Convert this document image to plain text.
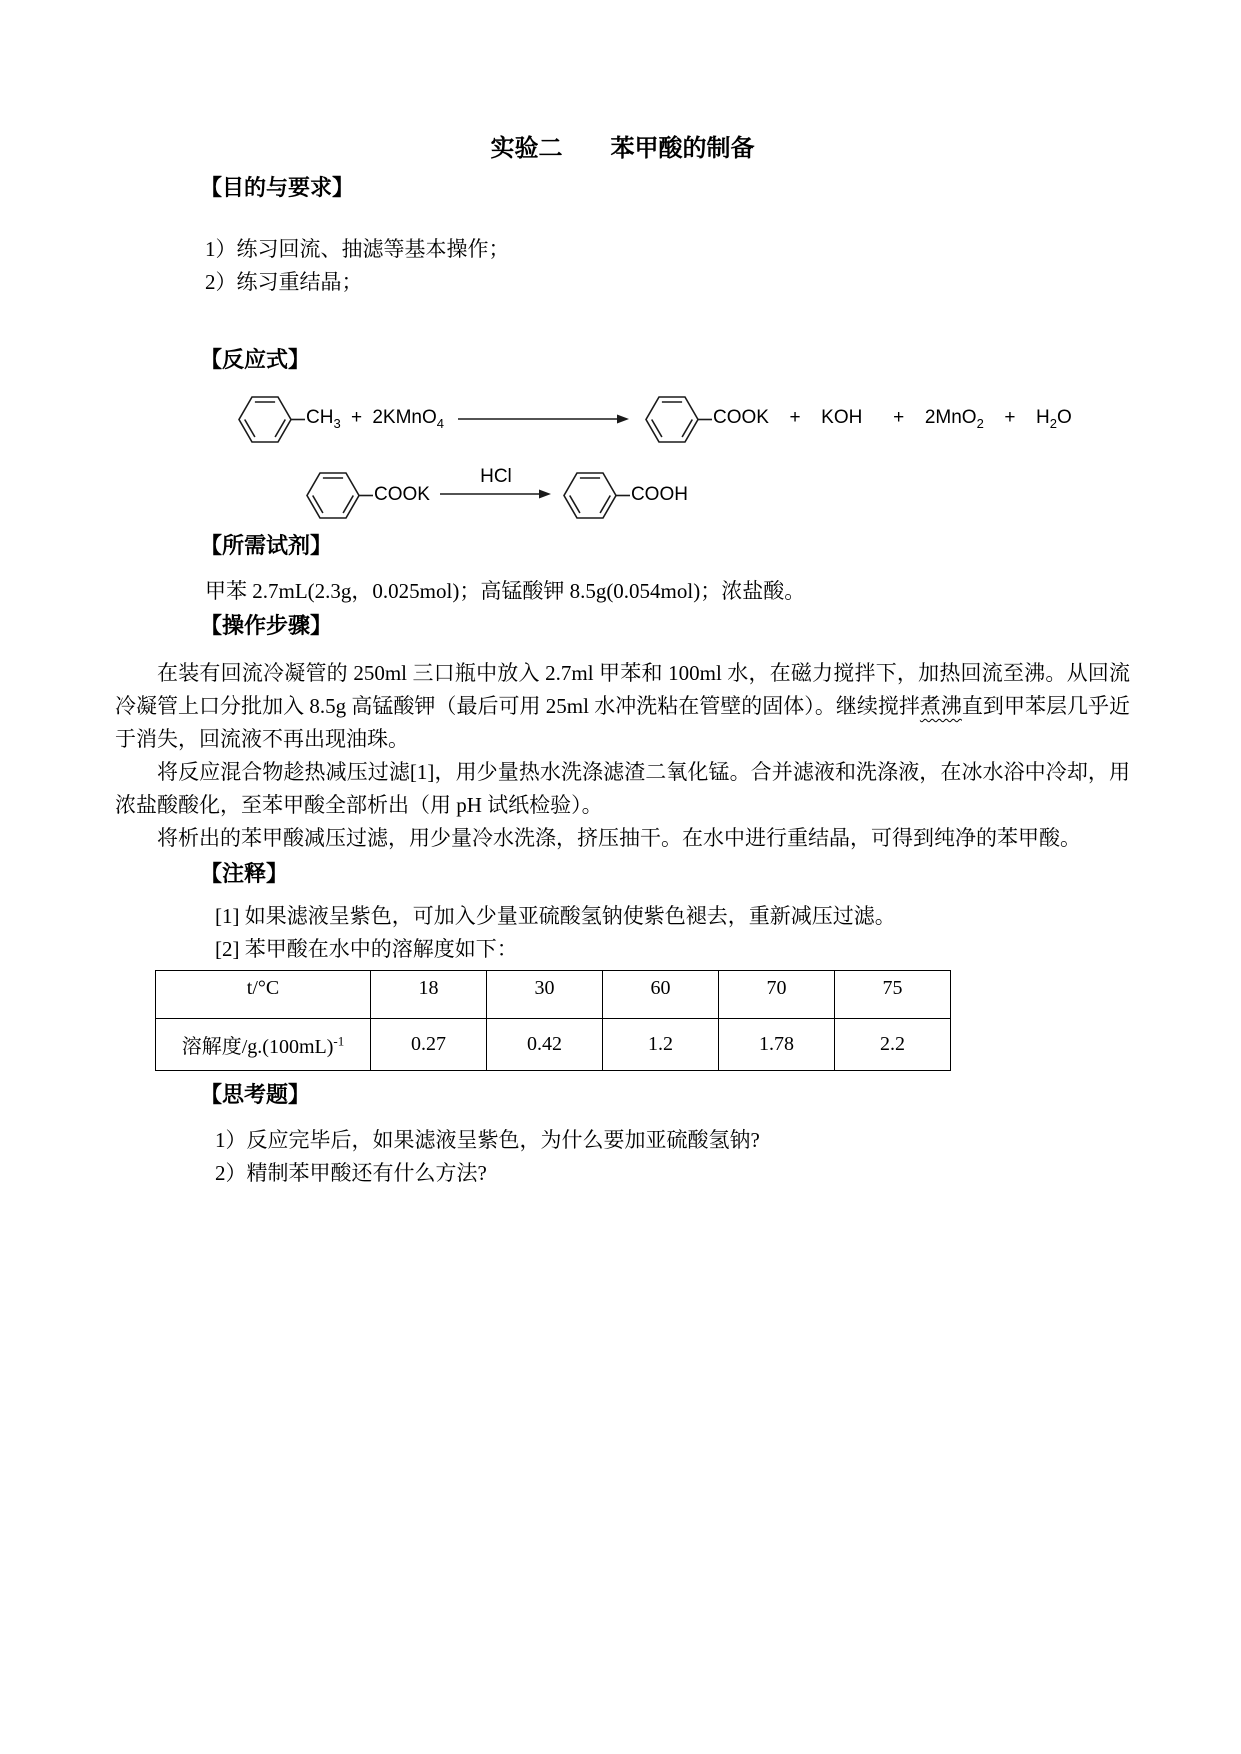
实验二　　苯甲酸的制备
【目的与要求】
1）练习回流、抽滤等基本操作；
2）练习重结晶；
【反应式】
$CH_3$ + 2KMnO$_4$	COOK  +  KOH   +  $2MnO_2 + H_2O$
COOK
HCl
COOH
【所需试剂】
甲苯 2.7mL(2.3g，0.025mol)；高锰酸钾 8.5g(0.054mol)；浓盐酸。
【操作步骤】

在装有回流冷凝管的 250ml 三口瓶中放入 2.7ml 甲苯和 100ml 水，在磁力搅拌下，加热回流至沸。从回流冷凝管上口分批加入 8.5g 高锰酸钾（最后可用 25ml 水冲洗粘在管壁的固体）。继续搅拌煮沸直到甲苯层几乎近于消失，回流液不再出现油珠。

将反应混合物趁热减压过滤[1]，用少量热水洗涤滤渣二氧化锰。合并滤液和洗涤液，在冰水浴中冷却，用浓盐酸酸化，至苯甲酸全部析出（用 pH 试纸检验）。

将析出的苯甲酸减压过滤，用少量冷水洗涤，挤压抽干。在水中进行重结晶，可得到纯净的苯甲酸。

【注释】
[1] 如果滤液呈紫色，可加入少量亚硫酸氢钠使紫色褪去，重新减压过滤。
[2] 苯甲酸在水中的溶解度如下：
t/°C	18	30	60	70	75
溶解度$/g.(100mL)^{-1}$	0.27	0.42	1.2	1.78	2.2
【思考题】
1）反应完毕后，如果滤液呈紫色，为什么要加亚硫酸氢钠?
2）精制苯甲酸还有什么方法?
